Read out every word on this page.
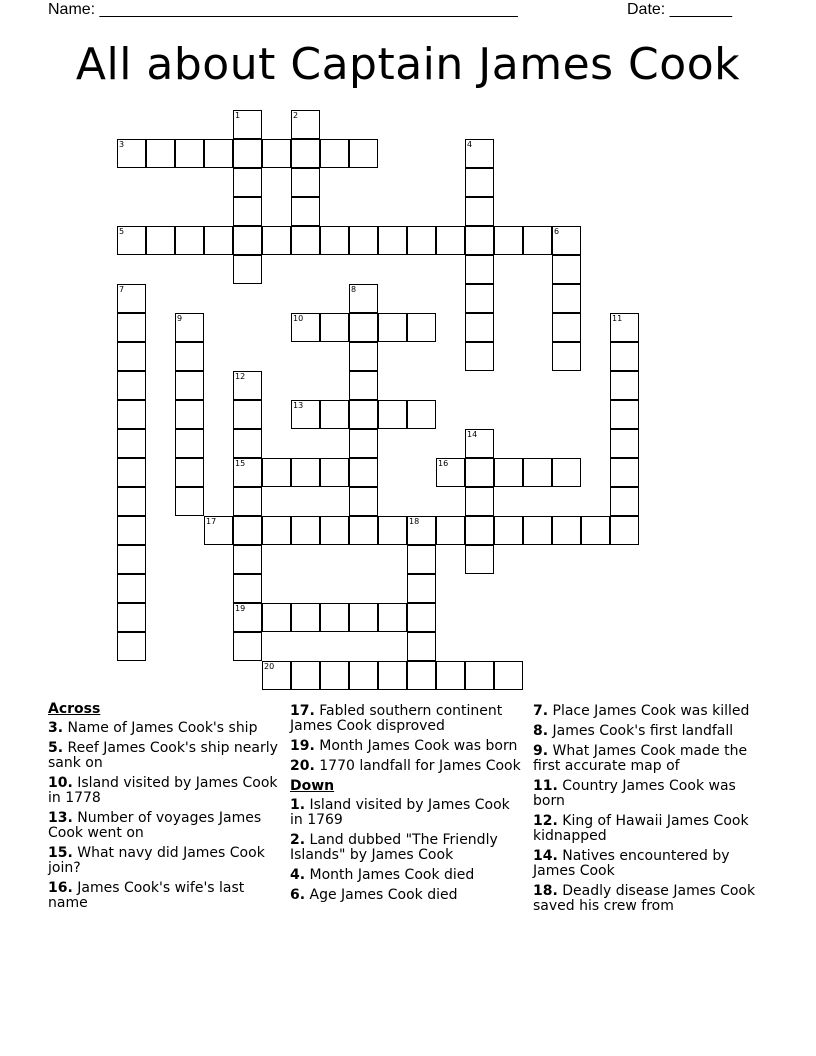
Name: _______________________________________________	Date: _______
All about Captain James Cook
1	2
3	4
5	6
7	8
9	10	11
12
15
19
13
14
16
17	18
20
Across
3. Name of James Cook's ship
5. Reef James Cook's ship nearly sank on
10. Island visited by James Cook in 1778
13. Number of voyages James Cook went on
15. What navy did James Cook join?
16. James Cook's wife's last name
17. Fabled southern continent James Cook disproved
19. Month James Cook was born
20. 1770 landfall for James Cook
Down
1. Island visited by James Cook in 1769
2. Land dubbed "The Friendly Islands" by James Cook
4. Month James Cook died
6. Age James Cook died
7. Place James Cook was killed
8. James Cook's first landfall
9. What James Cook made the first accurate map of
11. Country James Cook was born
12. King of Hawaii James Cook kidnapped
14. Natives encountered by James Cook
18. Deadly disease James Cook saved his crew from
